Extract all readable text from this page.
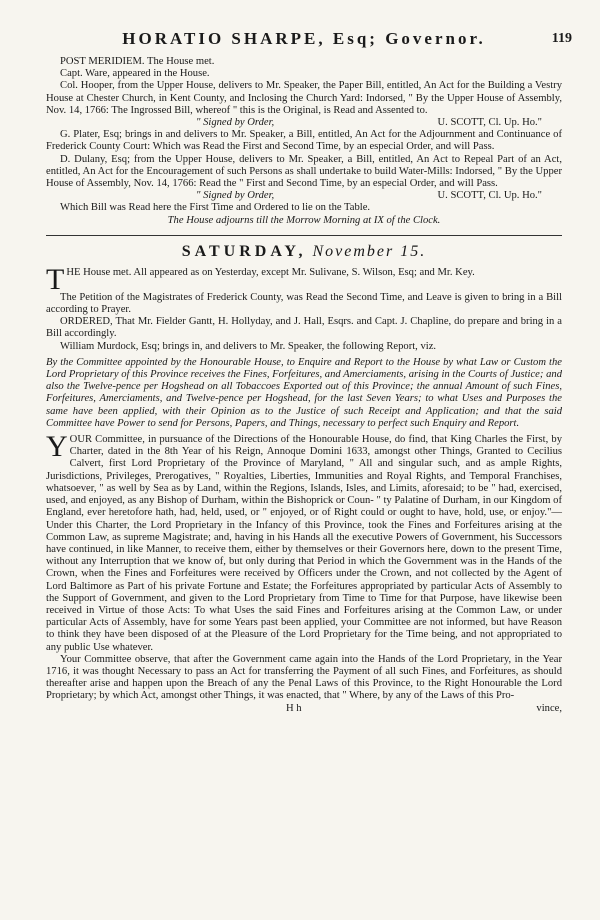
HORATIO SHARPE, Esq; Governor.	119

POST MERIDIEM. The House met.

Capt. Ware, appeared in the House.

Col. Hooper, from the Upper House, delivers to Mr. Speaker, the Paper Bill, entitled, An Act for the Building a Vestry House at Chester Church, in Kent County, and Inclosing the Church Yard: Indorsed, " By the Upper House of Assembly, Nov. 14, 1766: The Ingrossed Bill, whereof " this is the Original, is Read and Assented to.

" Signed by Order,	U. SCOTT, Cl. Up. Ho."

G. Plater, Esq; brings in and delivers to Mr. Speaker, a Bill, entitled, An Act for the Adjournment and Continuance of Frederick County Court: Which was Read the First and Second Time, by an especial Order, and will Pass.

D. Dulany, Esq; from the Upper House, delivers to Mr. Speaker, a Bill, entitled, An Act to Repeal Part of an Act, entitled, An Act for the Encouragement of such Persons as shall undertake to build Water-Mills: Indorsed, " By the Upper House of Assembly, Nov. 14, 1766: Read the " First and Second Time, by an especial Order, and will Pass.

" Signed by Order,	U. SCOTT, Cl. Up. Ho."

Which Bill was Read here the First Time and Ordered to lie on the Table.

The House adjourns till the Morrow Morning at IX of the Clock.

SATURDAY, November 15.

THE House met. All appeared as on Yesterday, except Mr. Sulivane, S. Wilson, Esq; and Mr. Key.

The Petition of the Magistrates of Frederick County, was Read the Second Time, and Leave is given to bring in a Bill according to Prayer.

ORDERED, That Mr. Fielder Gantt, H. Hollyday, and J. Hall, Esqrs. and Capt. J. Chapline, do prepare and bring in a Bill accordingly.

William Murdock, Esq; brings in, and delivers to Mr. Speaker, the following Report, viz.

By the Committee appointed by the Honourable House, to Enquire and Report to the House by what Law or Custom the Lord Proprietary of this Province receives the Fines, Forfeitures, and Amerciaments, arising in the Courts of Justice; and also the Twelve-pence per Hogshead on all Tobaccoes Exported out of this Province; the annual Amount of such Fines, Forfeitures, Amerciaments, and Twelve-pence per Hogshead, for the last Seven Years; to what Uses and Purposes the same have been applied, with their Opinion as to the Justice of such Receipt and Application; and that the said Committee have Power to send for Persons, Papers, and Things, necessary to perfect such Enquiry and Report.

YOUR Committee, in pursuance of the Directions of the Honourable House, do find, that King Charles the First, by Charter, dated in the 8th Year of his Reign, Annoque Domini 1633, amongst other Things, Granted to Cecilius Calvert, first Lord Proprietary of the Province of Maryland, " All and singular such, and as ample Rights, Jurisdictions, Privileges, Prerogatives, " Royalties, Liberties, Immunities and Royal Rights, and Temporal Franchises, whatsoever, " as well by Sea as by Land, within the Regions, Islands, Isles, and Limits, aforesaid; to be " had, exercised, used, and enjoyed, as any Bishop of Durham, within the Bishoprick or Coun- " ty Palatine of Durham, in our Kingdom of England, ever heretofore hath, had, held, used, or " enjoyed, or of Right could or ought to have, hold, use, or enjoy."—Under this Charter, the Lord Proprietary in the Infancy of this Province, took the Fines and Forfeitures arising at the Common Law, as supreme Magistrate; and, having in his Hands all the executive Powers of Government, his Successors have continued, in like Manner, to receive them, either by themselves or their Governors here, down to the present Time, without any Interruption that we know of, but only during that Period in which the Government was in the Hands of the Crown, when the Fines and Forfeitures were received by Officers under the Crown, and not collected by the Agent of Lord Baltimore as Part of his private Fortune and Estate; the Forfeitures appropriated by particular Acts of Assembly to the Support of Government, and given to the Lord Proprietary from Time to Time for that Purpose, have likewise been received in Virtue of those Acts: To what Uses the said Fines and Forfeitures arising at the Common Law, or under particular Acts of Assembly, have for some Years past been applied, your Committee are not informed, but have Reason to think they have been disposed of at the Pleasure of the Lord Proprietary for the Time being, and not appropriated to any public Use whatever.

Your Committee observe, that after the Government came again into the Hands of the Lord Proprietary, in the Year 1716, it was thought Necessary to pass an Act for transferring the Payment of all such Fines, and Forfeitures, as should thereafter arise and happen upon the Breach of any the Penal Laws of this Province, to the Right Honourable the Lord Proprietary; by which Act, amongst other Things, it was enacted, that " Where, by any of the Laws of this Pro-

H h	vince,
